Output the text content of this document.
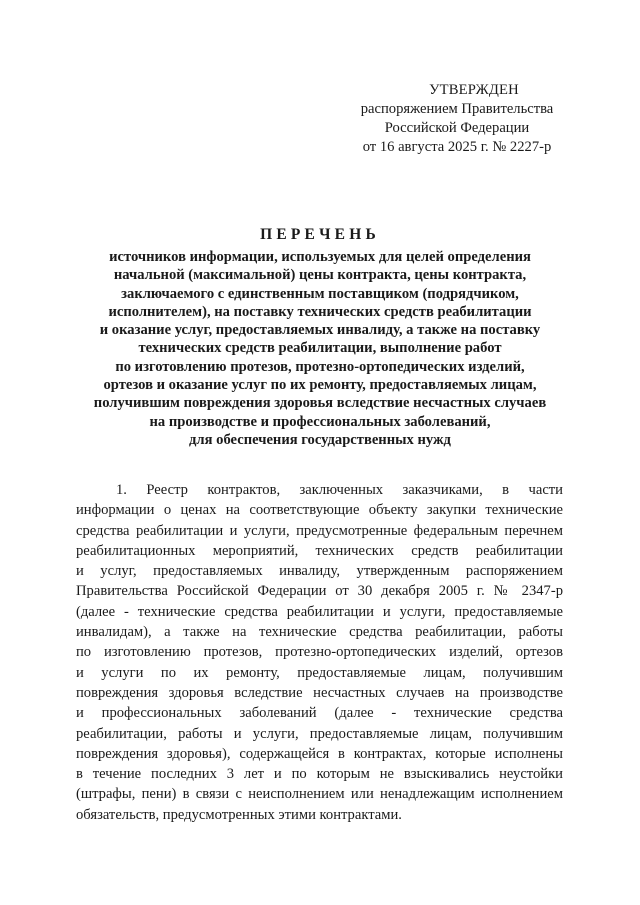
УТВЕРЖДЕН
распоряжением Правительства
Российской Федерации
от 16 августа 2025 г. № 2227-р
ПЕРЕЧЕНЬ
источников информации, используемых для целей определения
начальной (максимальной) цены контракта, цены контракта,
заключаемого с единственным поставщиком (подрядчиком,
исполнителем), на поставку технических средств реабилитации
и оказание услуг, предоставляемых инвалиду, а также на поставку
технических средств реабилитации, выполнение работ
по изготовлению протезов, протезно-ортопедических изделий,
ортезов и оказание услуг по их ремонту, предоставляемых лицам,
получившим повреждения здоровья вследствие несчастных случаев
на производстве и профессиональных заболеваний,
для обеспечения государственных нужд
1. Реестр контрактов, заключенных заказчиками, в части
информации о ценах на соответствующие объекту закупки технические
средства реабилитации и услуги, предусмотренные федеральным перечнем
реабилитационных мероприятий, технических средств реабилитации
и услуг, предоставляемых инвалиду, утвержденным распоряжением
Правительства Российской Федерации от 30 декабря 2005 г. № 2347-р
(далее - технические средства реабилитации и услуги, предоставляемые
инвалидам), а также на технические средства реабилитации, работы
по изготовлению протезов, протезно-ортопедических изделий, ортезов
и услуги по их ремонту, предоставляемые лицам, получившим
повреждения здоровья вследствие несчастных случаев на производстве
и профессиональных заболеваний (далее - технические средства
реабилитации, работы и услуги, предоставляемые лицам, получившим
повреждения здоровья), содержащейся в контрактах, которые исполнены
в течение последних 3 лет и по которым не взыскивались неустойки
(штрафы, пени) в связи с неисполнением или ненадлежащим исполнением
обязательств, предусмотренных этими контрактами.
